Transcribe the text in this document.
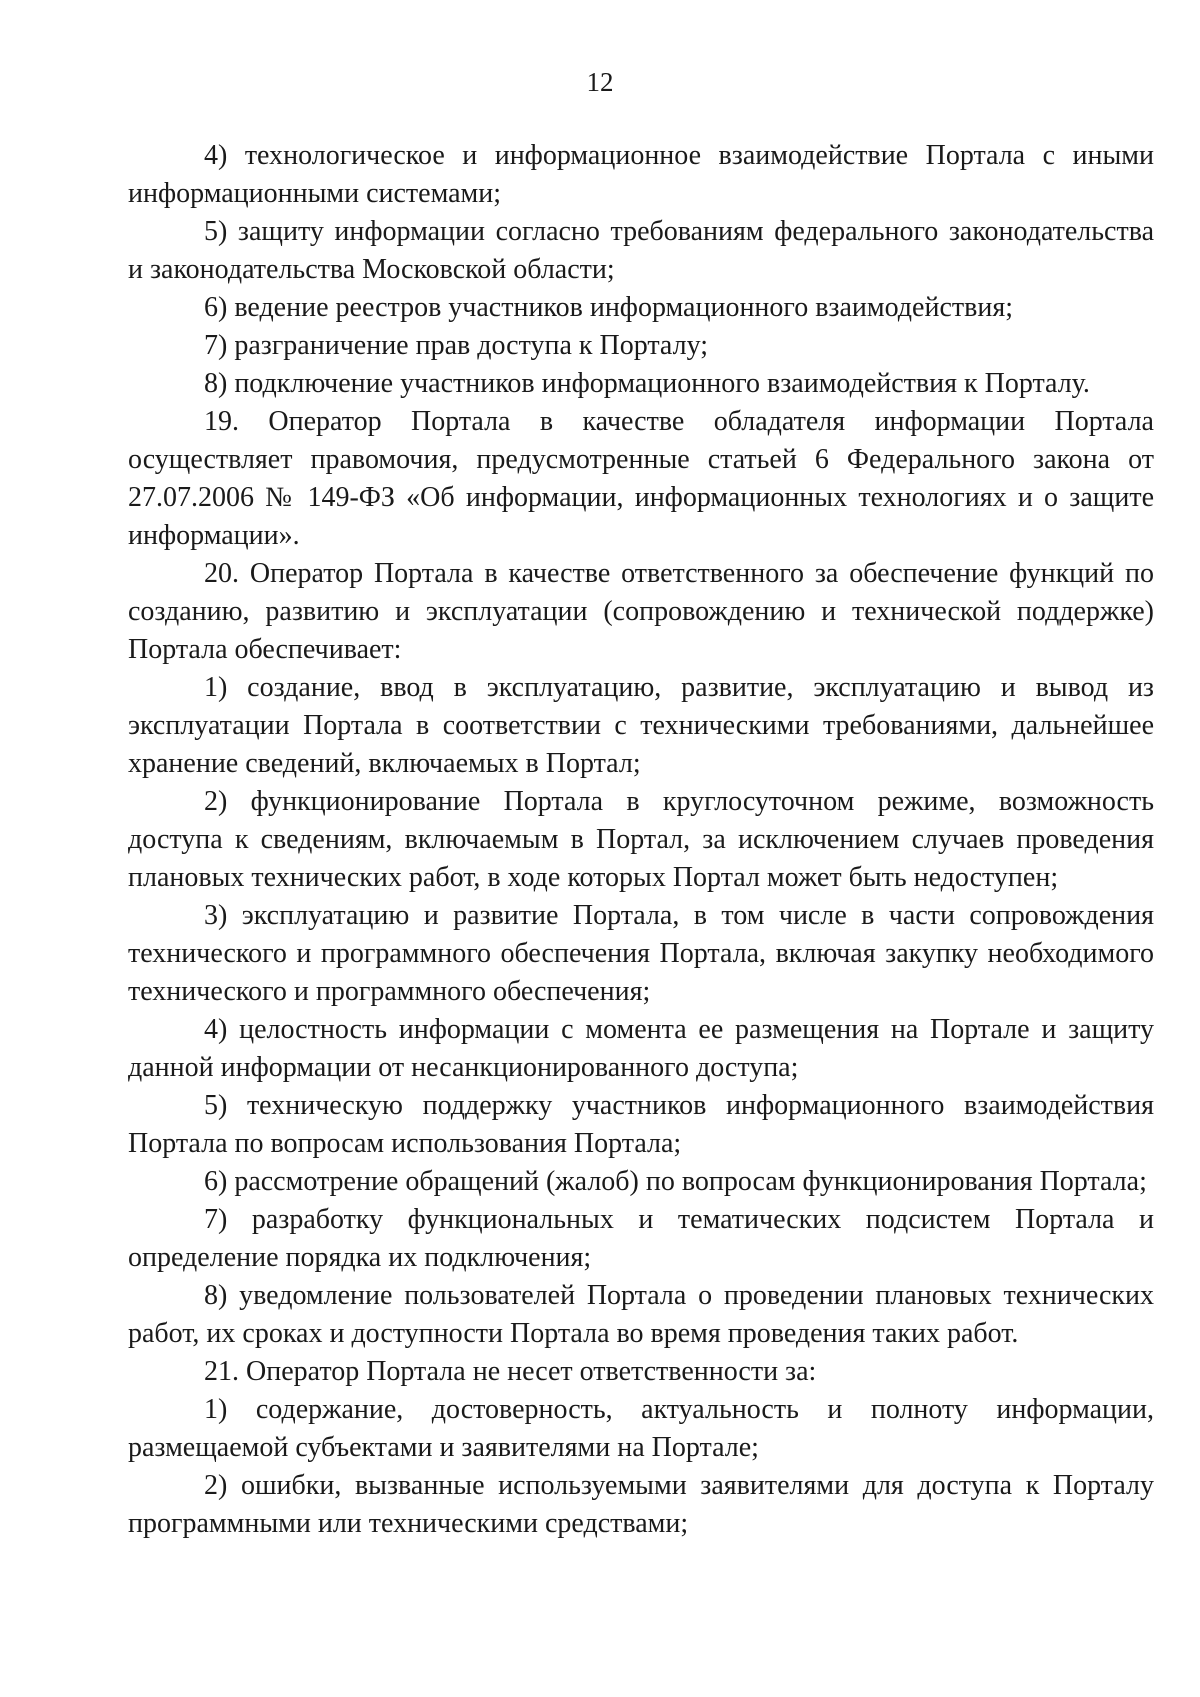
12

4) технологическое и информационное взаимодействие Портала с иными информационными системами;

5) защиту информации согласно требованиям федерального законодательства и законодательства Московской области;

6) ведение реестров участников информационного взаимодействия;

7) разграничение прав доступа к Порталу;

8) подключение участников информационного взаимодействия к Порталу.

19. Оператор Портала в качестве обладателя информации Портала осуществляет правомочия, предусмотренные статьей 6 Федерального закона от 27.07.2006 № 149-ФЗ «Об информации, информационных технологиях и о защите информации».

20. Оператор Портала в качестве ответственного за обеспечение функций по созданию, развитию и эксплуатации (сопровождению и технической поддержке) Портала обеспечивает:

1) создание, ввод в эксплуатацию, развитие, эксплуатацию и вывод из эксплуатации Портала в соответствии с техническими требованиями, дальнейшее хранение сведений, включаемых в Портал;

2) функционирование Портала в круглосуточном режиме, возможность доступа к сведениям, включаемым в Портал, за исключением случаев проведения плановых технических работ, в ходе которых Портал может быть недоступен;

3) эксплуатацию и развитие Портала, в том числе в части сопровождения технического и программного обеспечения Портала, включая закупку необходимого технического и программного обеспечения;

4) целостность информации с момента ее размещения на Портале и защиту данной информации от несанкционированного доступа;

5) техническую поддержку участников информационного взаимодействия Портала по вопросам использования Портала;

6) рассмотрение обращений (жалоб) по вопросам функционирования Портала;

7) разработку функциональных и тематических подсистем Портала и определение порядка их подключения;

8) уведомление пользователей Портала о проведении плановых технических работ, их сроках и доступности Портала во время проведения таких работ.

21. Оператор Портала не несет ответственности за:

1) содержание, достоверность, актуальность и полноту информации, размещаемой субъектами и заявителями на Портале;

2) ошибки, вызванные используемыми заявителями для доступа к Порталу программными или техническими средствами;
